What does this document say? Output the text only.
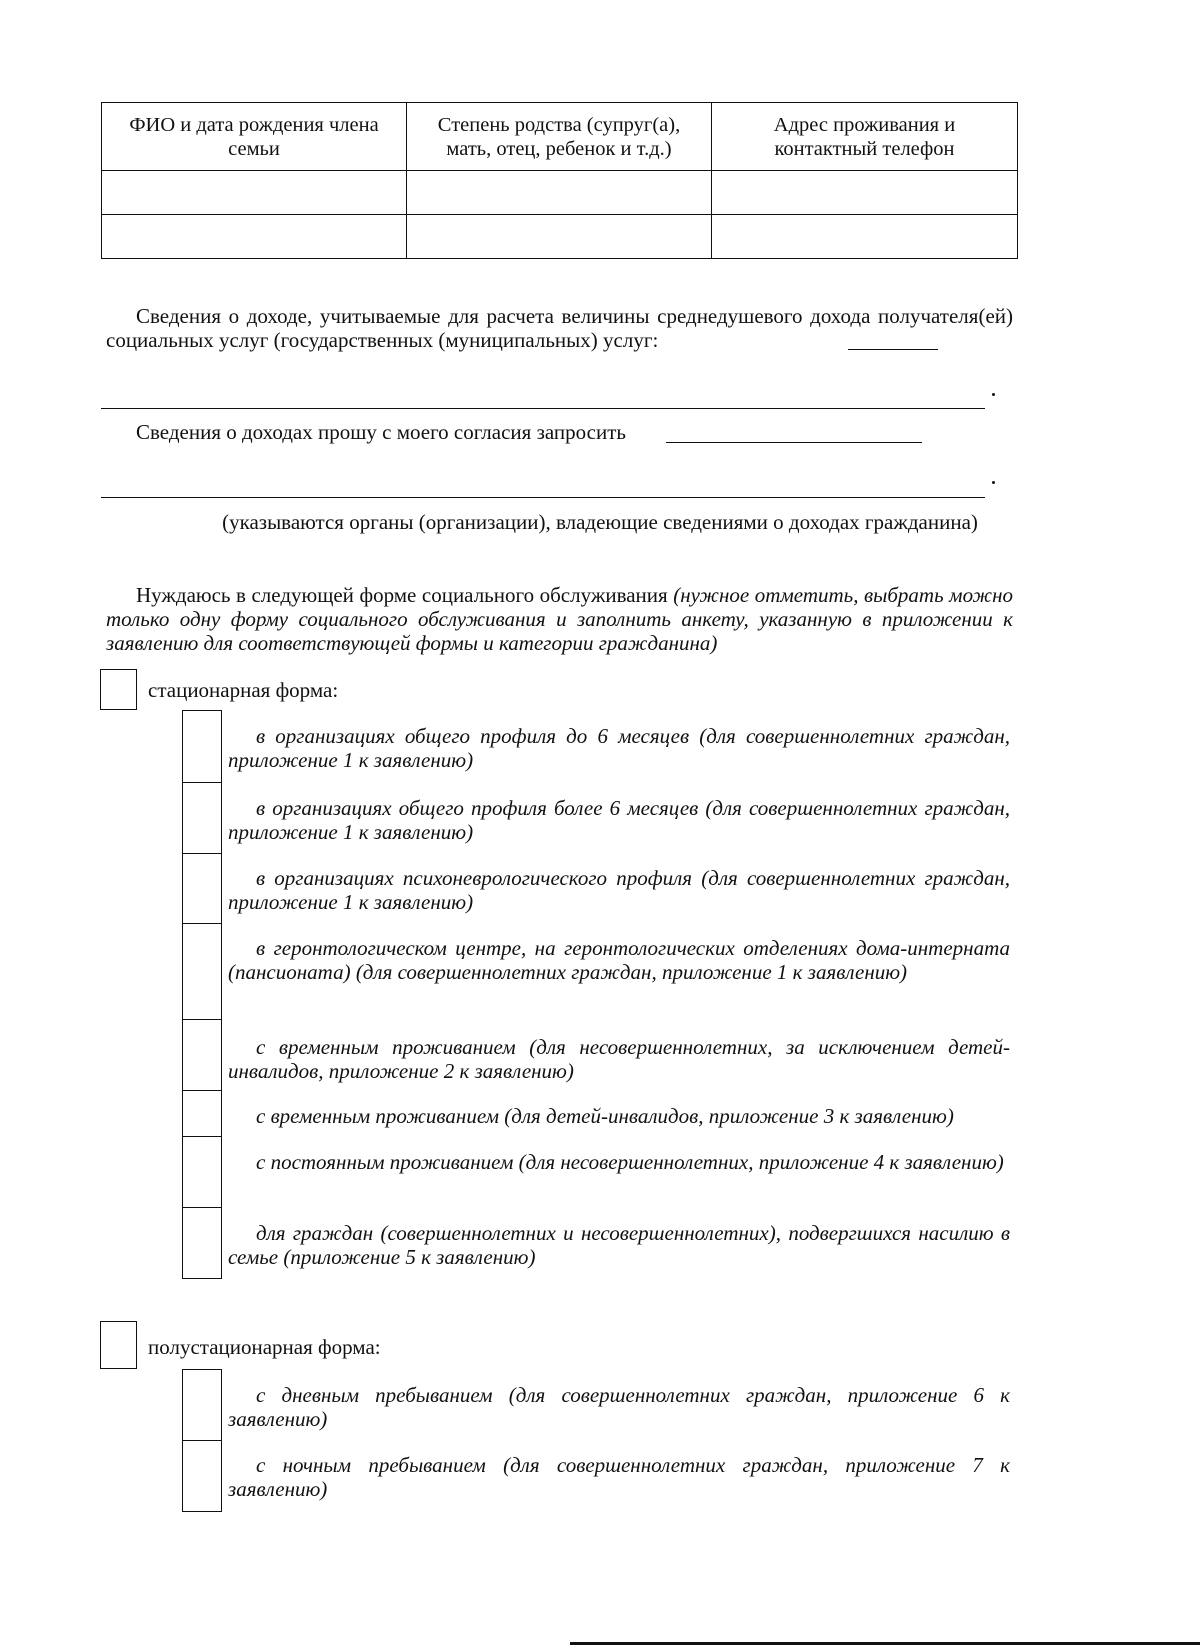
ФИО и дата рождения члена семьи	Степень родства (супруг(а), мать, отец, ребенок и т.д.)	Адрес проживания и контактный телефон

Сведения о доходе, учитываемые для расчета величины среднедушевого дохода получателя(ей) социальных услуг (государственных (муниципальных) услуг:
Сведения о доходах прошу с моего согласия запросить
(указываются органы (организации), владеющие сведениями о доходах гражданина)
Нуждаюсь в следующей форме социального обслуживания (нужное отметить, выбрать можно только одну форму социального обслуживания и заполнить анкету, указанную в приложении к заявлению для соответствующей формы и категории гражданина)
стационарная форма:
в организациях общего профиля до 6 месяцев (для совершеннолетних граждан, приложение 1 к заявлению)
в организациях общего профиля более 6 месяцев (для совершеннолетних граждан, приложение 1 к заявлению)
в организациях психоневрологического профиля (для совершеннолетних граждан, приложение 1 к заявлению)
в геронтологическом центре, на геронтологических отделениях дома-интерната (пансионата) (для совершеннолетних граждан, приложение 1 к заявлению)
с временным проживанием (для несовершеннолетних, за исключением детей-инвалидов, приложение 2 к заявлению)
с временным проживанием (для детей-инвалидов, приложение 3 к заявлению)
с постоянным проживанием (для несовершеннолетних, приложение 4 к заявлению)
для граждан (совершеннолетних и несовершеннолетних), подвергшихся насилию в семье (приложение 5 к заявлению)
полустационарная форма:
с дневным пребыванием (для совершеннолетних граждан, приложение 6 к заявлению)
с ночным пребыванием (для совершеннолетних граждан, приложение 7 к заявлению)
